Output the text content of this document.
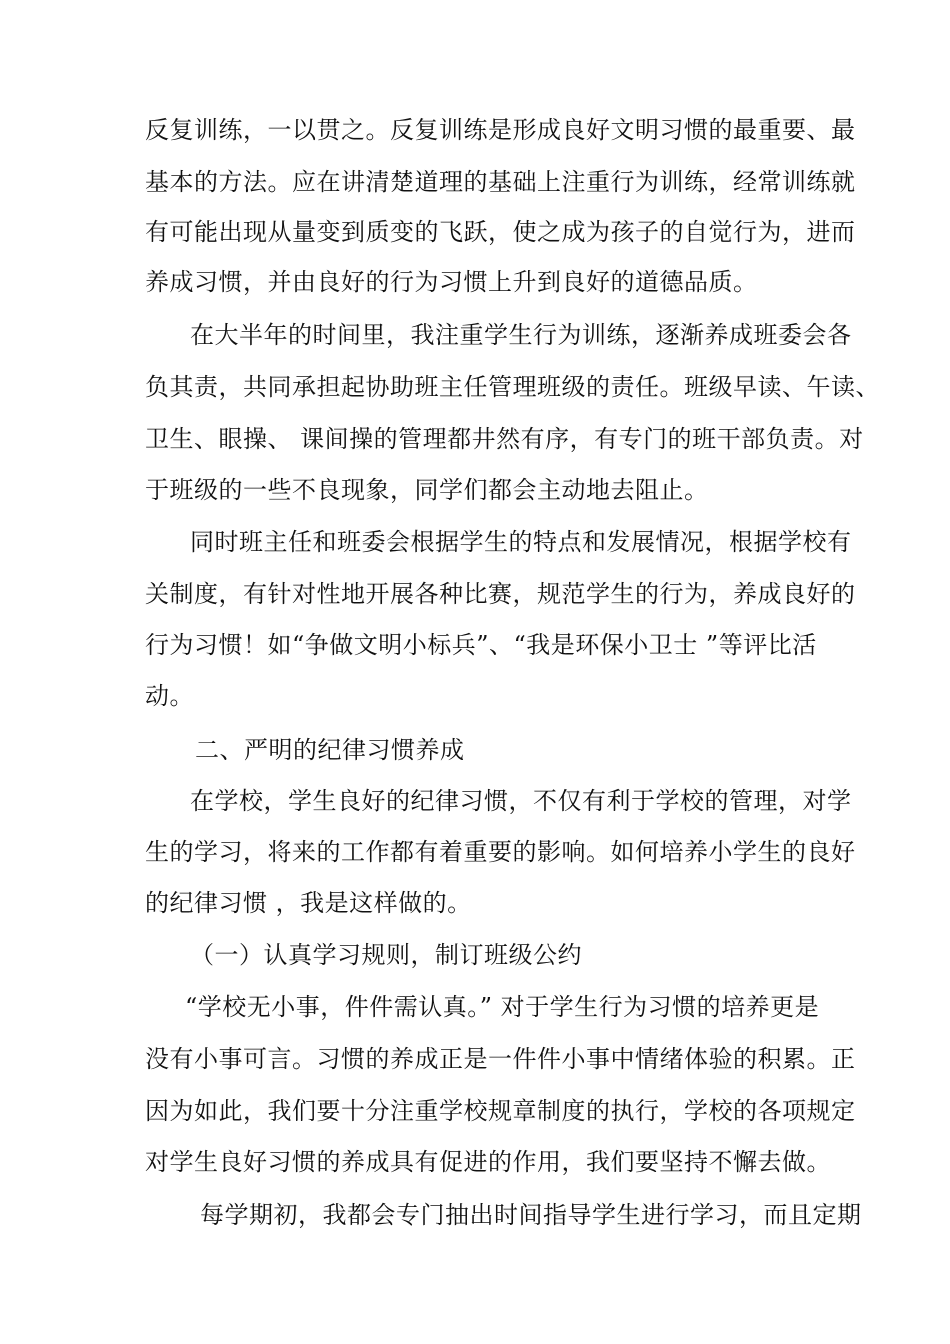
反复训练，一以贯之。反复训练是形成良好文明习惯的最重要、最
基本的方法。应在讲清楚道理的基础上注重行为训练，经常训练就
有可能出现从量变到质变的飞跃，使之成为孩子的自觉行为，进而
养成习惯，并由良好的行为习惯上升到良好的道德品质。
在大半年的时间里，我注重学生行为训练，逐渐养成班委会各
负其责，共同承担起协助班主任管理班级的责任。班级早读、午读、
卫生、眼操、 课间操的管理都井然有序，有专门的班干部负责。对
于班级的一些不良现象，同学们都会主动地去阻止。
同时班主任和班委会根据学生的特点和发展情况，根据学校有
关制度，有针对性地开展各种比赛，规范学生的行为，养成良好的
行为习惯！如“争做文明小标兵”、“我是环保小卫士 ”等评比活
动。
二、严明的纪律习惯养成
在学校，学生良好的纪律习惯，不仅有利于学校的管理，对学
生的学习，将来的工作都有着重要的影响。如何培养小学生的良好
的纪律习惯 ，我是这样做的。
（一）认真学习规则，制订班级公约
“学校无小事，件件需认真。” 对于学生行为习惯的培养更是
没有小事可言。习惯的养成正是一件件小事中情绪体验的积累。正
因为如此，我们要十分注重学校规章制度的执行，学校的各项规定
对学生良好习惯的养成具有促进的作用，我们要坚持不懈去做。
每学期初，我都会专门抽出时间指导学生进行学习，而且定期
